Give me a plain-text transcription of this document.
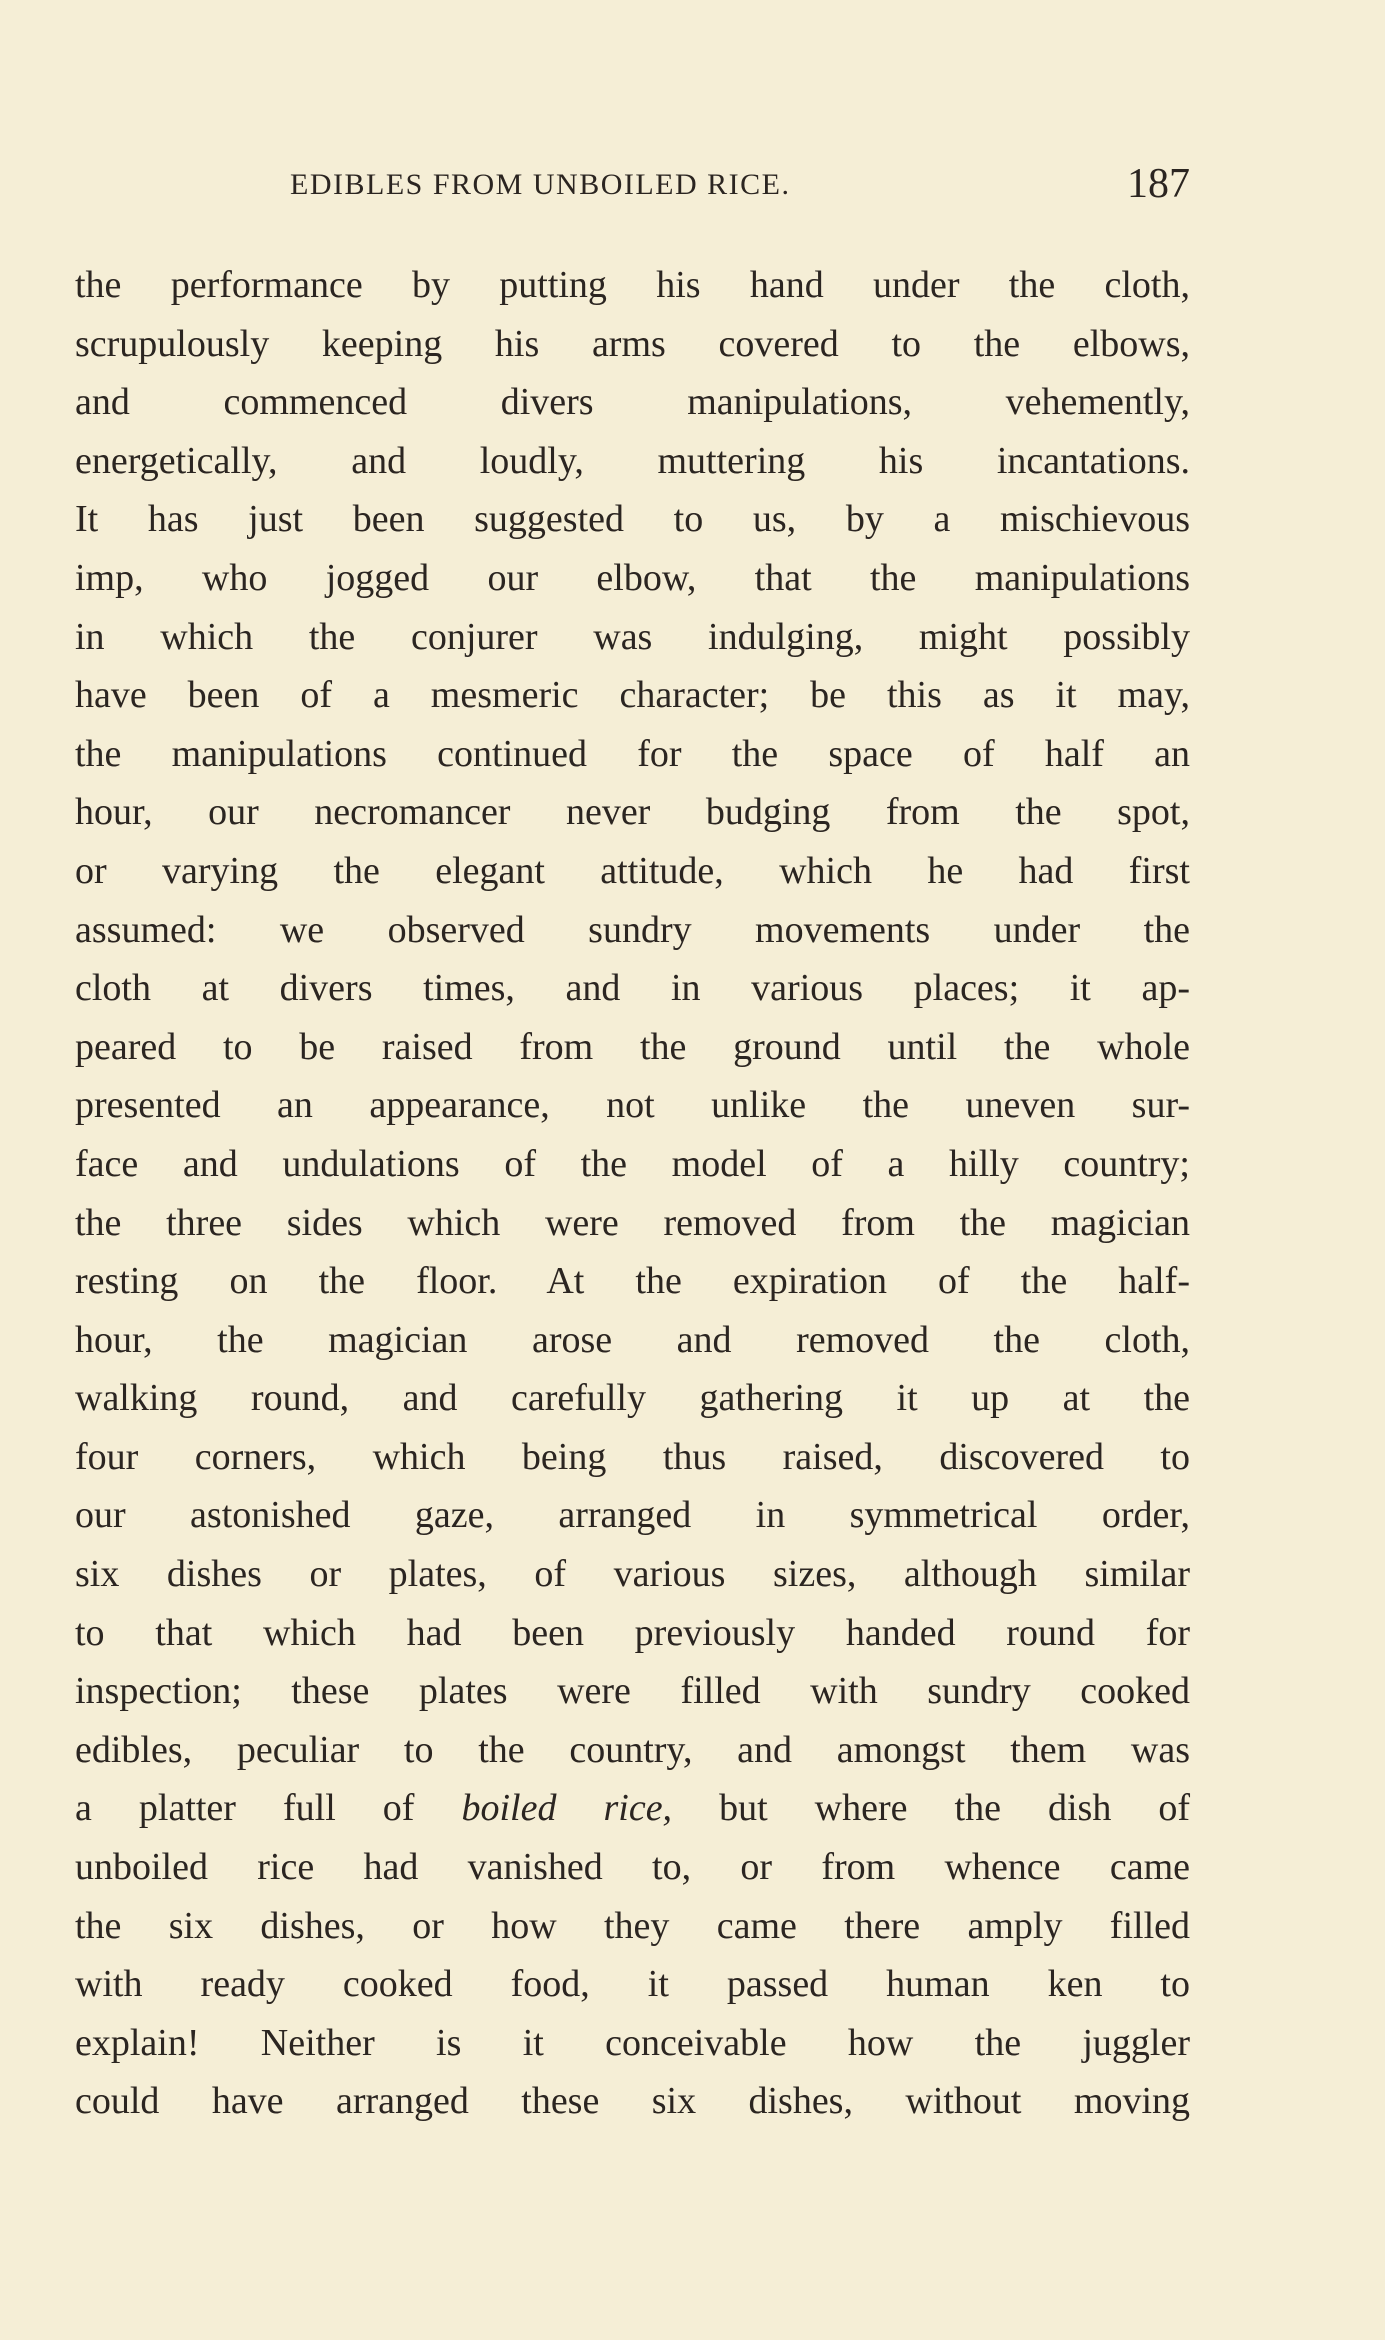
EDIBLES FROM UNBOILED RICE.	187
the performance by putting his hand under the cloth,
scrupulously keeping his arms covered to the elbows,
and commenced divers manipulations, vehemently,
energetically, and loudly, muttering his incantations.
It has just been suggested to us, by a mischievous
imp, who jogged our elbow, that the manipulations
in which the conjurer was indulging, might possibly
have been of a mesmeric character; be this as it may,
the manipulations continued for the space of half an
hour, our necromancer never budging from the spot,
or varying the elegant attitude, which he had first
assumed: we observed sundry movements under the
cloth at divers times, and in various places; it ap-
peared to be raised from the ground until the whole
presented an appearance, not unlike the uneven sur-
face and undulations of the model of a hilly country;
the three sides which were removed from the magician
resting on the floor. At the expiration of the half-
hour, the magician arose and removed the cloth,
walking round, and carefully gathering it up at the
four corners, which being thus raised, discovered to
our astonished gaze, arranged in symmetrical order,
six dishes or plates, of various sizes, although similar
to that which had been previously handed round for
inspection; these plates were filled with sundry cooked
edibles, peculiar to the country, and amongst them was
a platter full of boiled rice, but where the dish of
unboiled rice had vanished to, or from whence came
the six dishes, or how they came there amply filled
with ready cooked food, it passed human ken to
explain! Neither is it conceivable how the juggler
could have arranged these six dishes, without moving
